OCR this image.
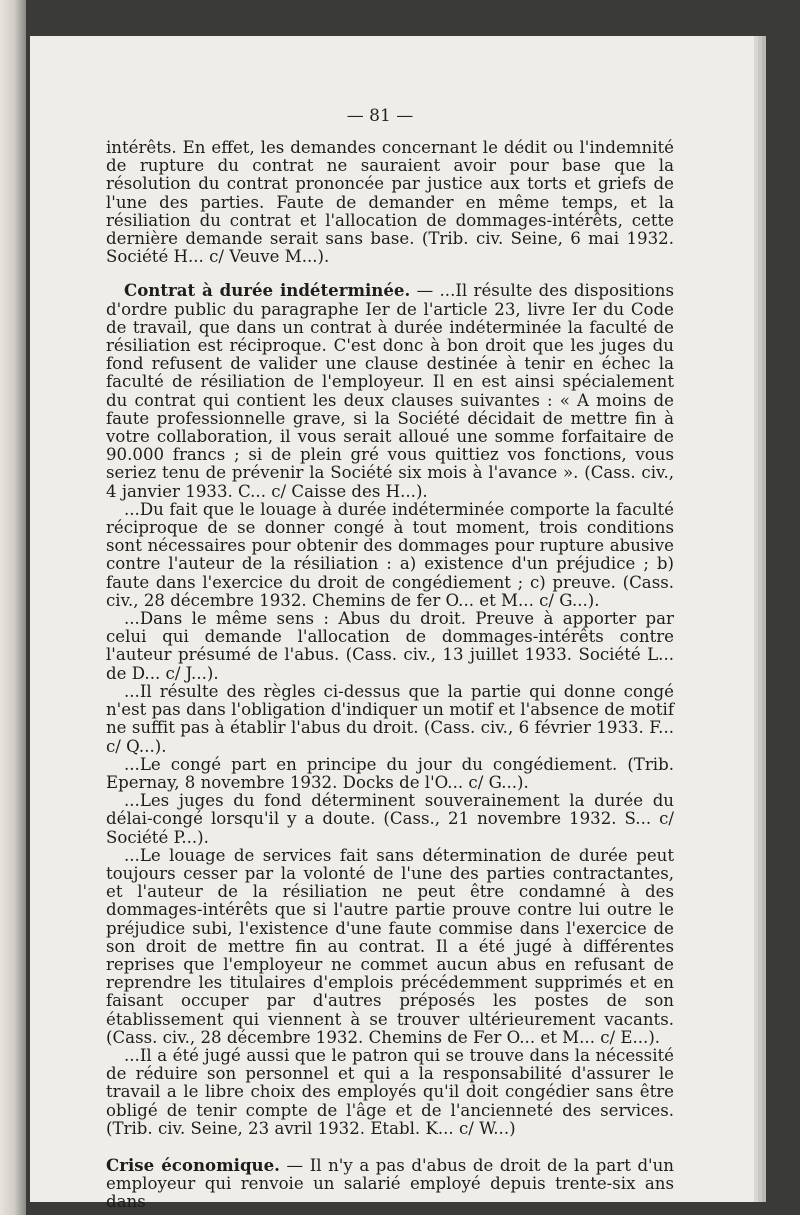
— 81 —

intérêts. En effet, les demandes concernant le dédit ou l'indemnité de rupture du contrat ne sauraient avoir pour base que la résolution du contrat prononcée par justice aux torts et griefs de l'une des parties. Faute de demander en même temps, et la résiliation du contrat et l'allocation de dommages-intérêts, cette dernière demande serait sans base. (Trib. civ. Seine, 6 mai 1932. Société H... c/ Veuve M...).

Contrat à durée indéterminée. — ...Il résulte des dispositions d'ordre public du paragraphe Ier de l'article 23, livre Ier du Code de travail, que dans un contrat à durée indéterminée la faculté de résiliation est réciproque. C'est donc à bon droit que les juges du fond refusent de valider une clause destinée à tenir en échec la faculté de résiliation de l'employeur. Il en est ainsi spécialement du contrat qui contient les deux clauses suivantes : « A moins de faute professionnelle grave, si la Société décidait de mettre fin à votre collaboration, il vous serait alloué une somme forfaitaire de 90.000 francs ; si de plein gré vous quittiez vos fonctions, vous seriez tenu de prévenir la Société six mois à l'avance ». (Cass. civ., 4 janvier 1933. C... c/ Caisse des H...).

...Du fait que le louage à durée indéterminée comporte la faculté réciproque de se donner congé à tout moment, trois conditions sont nécessaires pour obtenir des dommages pour rupture abusive contre l'auteur de la résiliation : a) existence d'un préjudice ; b) faute dans l'exercice du droit de congédiement ; c) preuve. (Cass. civ., 28 décembre 1932. Chemins de fer O... et M... c/ G...).

...Dans le même sens : Abus du droit. Preuve à apporter par celui qui demande l'allocation de dommages-intérêts contre l'auteur présumé de l'abus. (Cass. civ., 13 juillet 1933. Société L... de D... c/ J...).

...Il résulte des règles ci-dessus que la partie qui donne congé n'est pas dans l'obligation d'indiquer un motif et l'absence de motif ne suffit pas à établir l'abus du droit. (Cass. civ., 6 février 1933. F... c/ Q...).

...Le congé part en principe du jour du congédiement. (Trib. Epernay, 8 novembre 1932. Docks de l'O... c/ G...).

...Les juges du fond déterminent souverainement la durée du délai-congé lorsqu'il y a doute. (Cass., 21 novembre 1932. S... c/ Société P...).

...Le louage de services fait sans détermination de durée peut toujours cesser par la volonté de l'une des parties contractantes, et l'auteur de la résiliation ne peut être condamné à des dommages-intérêts que si l'autre partie prouve contre lui outre le préjudice subi, l'existence d'une faute commise dans l'exercice de son droit de mettre fin au contrat. Il a été jugé à différentes reprises que l'employeur ne commet aucun abus en refusant de reprendre les titulaires d'emplois précédemment supprimés et en faisant occuper par d'autres préposés les postes de son établissement qui viennent à se trouver ultérieurement vacants. (Cass. civ., 28 décembre 1932. Chemins de Fer O... et M... c/ E...).

...Il a été jugé aussi que le patron qui se trouve dans la nécessité de réduire son personnel et qui a la responsabilité d'assurer le travail a le libre choix des employés qu'il doit congédier sans être obligé de tenir compte de l'âge et de l'ancienneté des services. (Trib. civ. Seine, 23 avril 1932. Etabl. K... c/ W...)

Crise économique. — Il n'y a pas d'abus de droit de la part d'un employeur qui renvoie un salarié employé depuis trente-six ans dans
